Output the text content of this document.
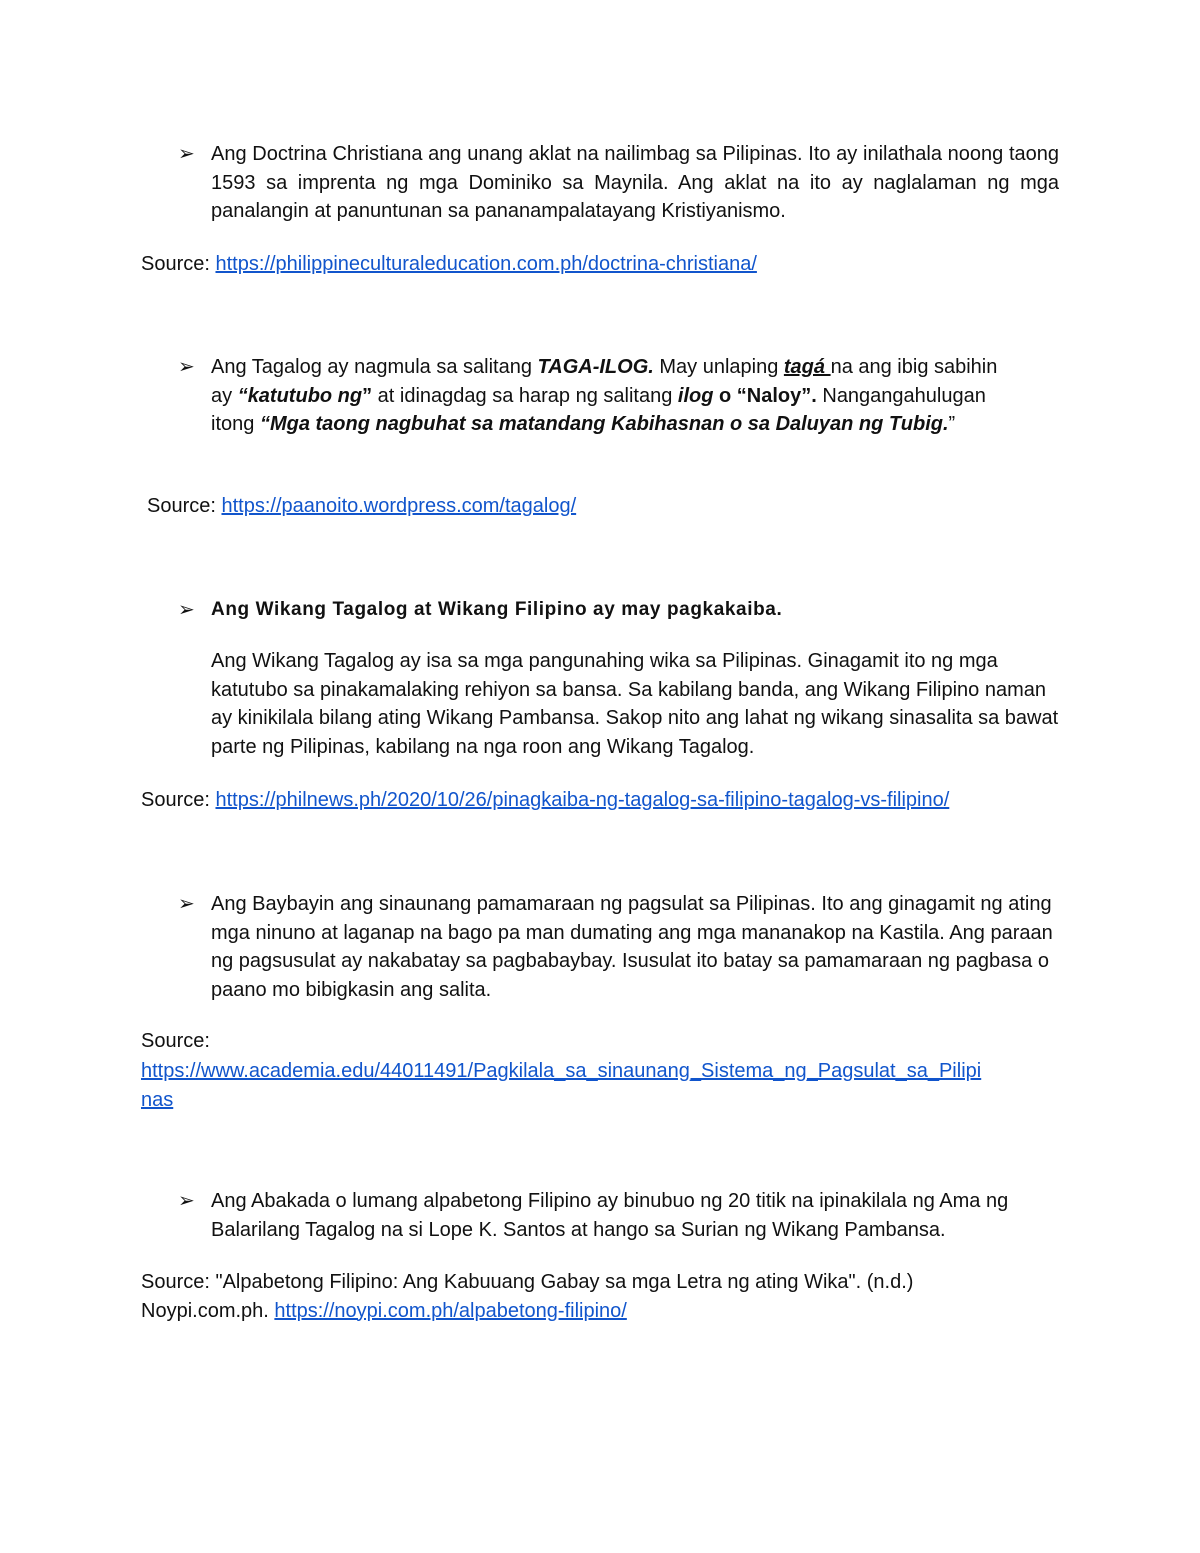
➢ Ang Doctrina Christiana ang unang aklat na nailimbag sa Pilipinas. Ito ay inilathala noong taong 1593 sa imprenta ng mga Dominiko sa Maynila. Ang aklat na ito ay naglalaman ng mga panalangin at panuntunan sa pananampalatayang Kristiyanismo.
Source: https://philippineculturaleducation.com.ph/doctrina-christiana/
➢ Ang Tagalog ay nagmula sa salitang TAGA-ILOG. May unlaping tagá na ang ibig sabihin ay “katutubo ng” at idinagdag sa harap ng salitang ilog o “Naloy”. Nangangahulugan itong “Mga taong nagbuhat sa matandang Kabihasnan o sa Daluyan ng Tubig.”
Source: https://paanoito.wordpress.com/tagalog/
➢ Ang Wikang Tagalog at Wikang Filipino ay may pagkakaiba.
Ang Wikang Tagalog ay isa sa mga pangunahing wika sa Pilipinas. Ginagamit ito ng mga katutubo sa pinakamalaking rehiyon sa bansa. Sa kabilang banda, ang Wikang Filipino naman ay kinikilala bilang ating Wikang Pambansa. Sakop nito ang lahat ng wikang sinasalita sa bawat parte ng Pilipinas, kabilang na nga roon ang Wikang Tagalog.
Source: https://philnews.ph/2020/10/26/pinagkaiba-ng-tagalog-sa-filipino-tagalog-vs-filipino/
➢ Ang Baybayin ang sinaunang pamamaraan ng pagsulat sa Pilipinas. Ito ang ginagamit ng ating mga ninuno at laganap na bago pa man dumating ang mga mananakop na Kastila. Ang paraan ng pagsusulat ay nakabatay sa pagbabaybay. Isusulat ito batay sa pamamaraan ng pagbasa o paano mo bibigkasin ang salita.
Source:
https://www.academia.edu/44011491/Pagkilala_sa_sinaunang_Sistema_ng_Pagsulat_sa_Pilipi
nas
➢ Ang Abakada o lumang alpabetong Filipino ay binubuo ng 20 titik na ipinakilala ng Ama ng Balarilang Tagalog na si Lope K. Santos at hango sa Surian ng Wikang Pambansa.
Source: "Alpabetong Filipino: Ang Kabuuang Gabay sa mga Letra ng ating Wika". (n.d.)
Noypi.com.ph. https://noypi.com.ph/alpabetong-filipino/
